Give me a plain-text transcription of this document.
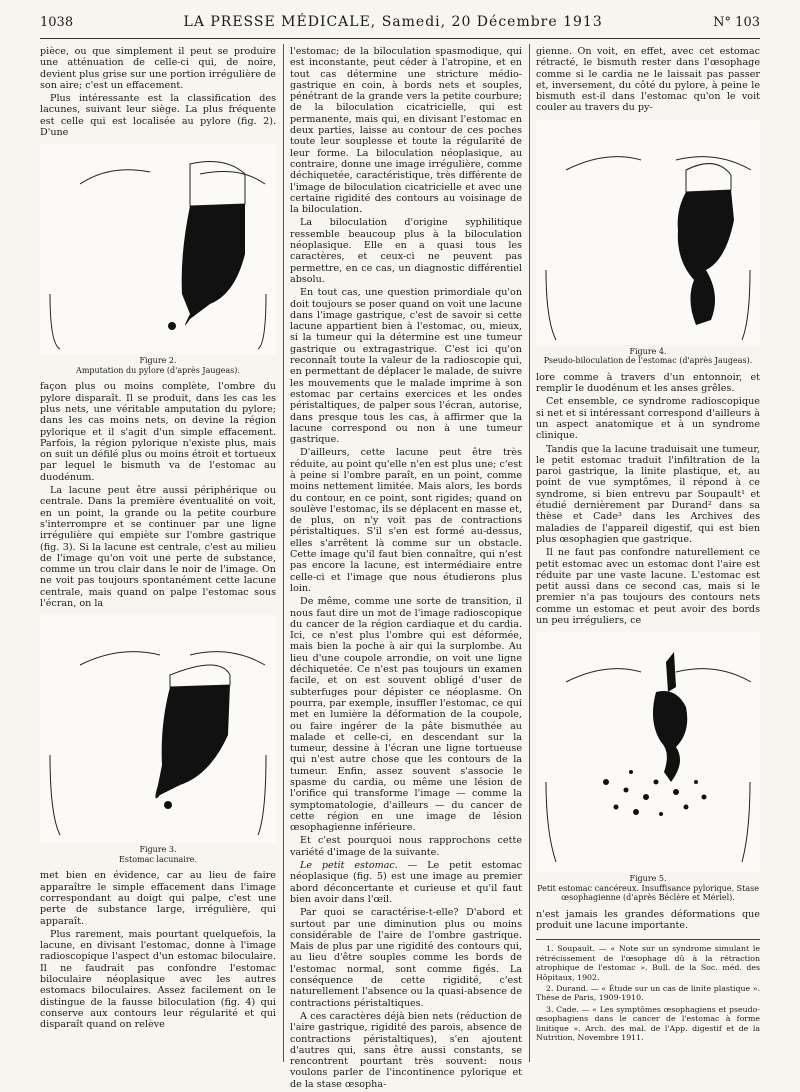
1038	LA PRESSE MÉDICALE, Samedi, 20 Décembre 1913	N° 103

pièce, ou que simplement il peut se produire une atténuation de celle-ci qui, de noire, devient plus grise sur une portion irrégulière de son aire; c'est un effacement.

Plus intéressante est la classification des lacunes, suivant leur siège. La plus fréquente est celle qui est localisée au pylore (fig. 2). D'une

Figure 2.
Amputation du pylore (d'après Jaugeas).

façon plus ou moins complète, l'ombre du pylore disparaît. Il se produit, dans les cas les plus nets, une véritable amputation du pylore; dans les cas moins nets, on devine la région pylorique et il s'agit d'un simple effacement. Parfois, la région pylorique n'existe plus, mais on suit un défilé plus ou moins étroit et tortueux par lequel le bismuth va de l'estomac au duodénum.

La lacune peut être aussi périphérique ou centrale. Dans la première éventualité on voit, en un point, la grande ou la petite courbure s'interrompre et se continuer par une ligne irrégulière qui empiète sur l'ombre gastrique (fig. 3). Si la lacune est centrale, c'est au milieu de l'image qu'on voit une perte de substance, comme un trou clair dans le noir de l'image. On ne voit pas toujours spontanément cette lacune centrale, mais quand on palpe l'estomac sous l'écran, on la

Figure 3.
Estomac lacunaire.

met bien en évidence, car au lieu de faire apparaître le simple effacement dans l'image correspondant au doigt qui palpe, c'est une perte de substance large, irrégulière, qui apparaît.

Plus rarement, mais pourtant quelquefois, la lacune, en divisant l'estomac, donne à l'image radioscopique l'aspect d'un estomac biloculaire. Il ne faudrait pas confondre l'estomac biloculaire néoplasique avec les autres estomacs biloculaires. Assez facilement on le distingue de la fausse biloculation (fig. 4) qui conserve aux contours leur régularité et qui disparaît quand on relève

l'estomac; de la biloculation spasmodique, qui est inconstante, peut céder à l'atropine, et en tout cas détermine une stricture médio-gastrique en coin, à bords nets et souples, pénétrant de la grande vers la petite courbure; de la biloculation cicatricielle, qui est permanente, mais qui, en divisant l'estomac en deux parties, laisse au contour de ces poches toute leur souplesse et toute la régularité de leur forme. La biloculation néoplasique, au contraire, donne une image irrégulière, comme déchiquetée, caractéristique, très différente de l'image de biloculation cicatricielle et avec une certaine rigidité des contours au voisinage de la biloculation.

La biloculation d'origine syphilitique ressemble beaucoup plus à la biloculation néoplasique. Elle en a quasi tous les caractères, et ceux-ci ne peuvent pas permettre, en ce cas, un diagnostic différentiel absolu.

En tout cas, une question primordiale qu'on doit toujours se poser quand on voit une lacune dans l'image gastrique, c'est de savoir si cette lacune appartient bien à l'estomac, ou, mieux, si la tumeur qui la détermine est une tumeur gastrique ou extragastrique. C'est ici qu'on reconnaît toute la valeur de la radioscopie qui, en permettant de déplacer le malade, de suivre les mouvements que le malade imprime à son estomac par certains exercices et les ondes péristaltiques, de palper sous l'écran, autorise, dans presque tous les cas, à affirmer que la lacune correspond ou non à une tumeur gastrique.

D'ailleurs, cette lacune peut être très réduite, au point qu'elle n'en est plus une; c'est à peine si l'ombre paraît, en un point, comme moins nettement limitée. Mais alors, les bords du contour, en ce point, sont rigides; quand on soulève l'estomac, ils se déplacent en masse et, de plus, on n'y voit pas de contractions péristaltiques. S'il s'en est formé au-dessus, elles s'arrêtent là comme sur un obstacle. Cette image qu'il faut bien connaître, qui n'est pas encore la lacune, est intermédiaire entre celle-ci et l'image que nous étudierons plus loin.

De même, comme une sorte de transition, il nous faut dire un mot de l'image radioscopique du cancer de la région cardiaque et du cardia. Ici, ce n'est plus l'ombre qui est déformée, mais bien la poche à air qui la surplombe. Au lieu d'une coupole arrondie, on voit une ligne déchiquetée. Ce n'est pas toujours un examen facile, et on est souvent obligé d'user de subterfuges pour dépister ce néoplasme. On pourra, par exemple, insuffler l'estomac, ce qui met en lumière la déformation de la coupole, ou faire ingérer de la pâte bismuthée au malade et celle-ci, en descendant sur la tumeur, dessine à l'écran une ligne tortueuse qui n'est autre chose que les contours de la tumeur. Enfin, assez souvent s'associe le spasme du cardia, ou même une lésion de l'orifice qui transforme l'image — comme la symptomatologie, d'ailleurs — du cancer de cette région en une image de lésion œsophagienne inférieure.

Et c'est pourquoi nous rapprochons cette variété d'image de la suivante.

Le petit estomac. — Le petit estomac néoplasique (fig. 5) est une image au premier abord déconcertante et curieuse et qu'il faut bien avoir dans l'œil.

Par quoi se caractérise-t-elle? D'abord et surtout par une diminution plus ou moins considérable de l'aire de l'ombre gastrique. Mais de plus par une rigidité des contours qui, au lieu d'être souples comme les bords de l'estomac normal, sont comme figés. La conséquence de cette rigidité, c'est naturellement l'absence ou la quasi-absence de contractions péristaltiques.

A ces caractères déjà bien nets (réduction de l'aire gastrique, rigidité des parois, absence de contractions péristaltiques), s'en ajoutent d'autres qui, sans être aussi constants, se rencontrent pourtant très souvent: nous voulons parler de l'incontinence pylorique et de la stase œsopha-

gienne. On voit, en effet, avec cet estomac rétracté, le bismuth rester dans l'œsophage comme si le cardia ne le laissait pas passer et, inversement, du côté du pylore, à peine le bismuth est-il dans l'estomac qu'on le voit couler au travers du py-

Figure 4.
Pseudo-biloculation de l'estomac (d'après Jaugeas).

lore comme à travers d'un entonnoir, et remplir le duodénum et les anses grêles.

Cet ensemble, ce syndrome radioscopique si net et si intéressant correspond d'ailleurs à un aspect anatomique et à un syndrome clinique.

Tandis que la lacune traduisait une tumeur, le petit estomac traduit l'infiltration de la paroi gastrique, la linite plastique, et, au point de vue symptômes, il répond à ce syndrome, si bien entrevu par Soupault¹ et étudié dernièrement par Durand² dans sa thèse et Cade³ dans les Archives des maladies de l'appareil digestif, qui est bien plus œsophagien que gastrique.

Il ne faut pas confondre naturellement ce petit estomac avec un estomac dont l'aire est réduite par une vaste lacune. L'estomac est petit aussi dans ce second cas, mais si le premier n'a pas toujours des contours nets comme un estomac et peut avoir des bords un peu irréguliers, ce

Figure 5.
Petit estomac cancéreux. Insuffisance pylorique. Stase œsophagienne (d'après Béclère et Mériel).

n'est jamais les grandes déformations que produit une lacune importante.

1. Soupault. — « Note sur un syndrome simulant le rétrécissement de l'œsophage dû à la rétraction atrophique de l'estomac ». Bull. de la Soc. méd. des Hôpitaux, 1902.

2. Durand. — « Étude sur un cas de linite plastique ». Thèse de Paris, 1909-1910.

3. Cade. — « Les symptômes œsophagiens et pseudo-œsophagiens dans le cancer de l'estomac à forme linitique ». Arch. des mal. de l'App. digestif et de la Nutrition, Novembre 1911.
